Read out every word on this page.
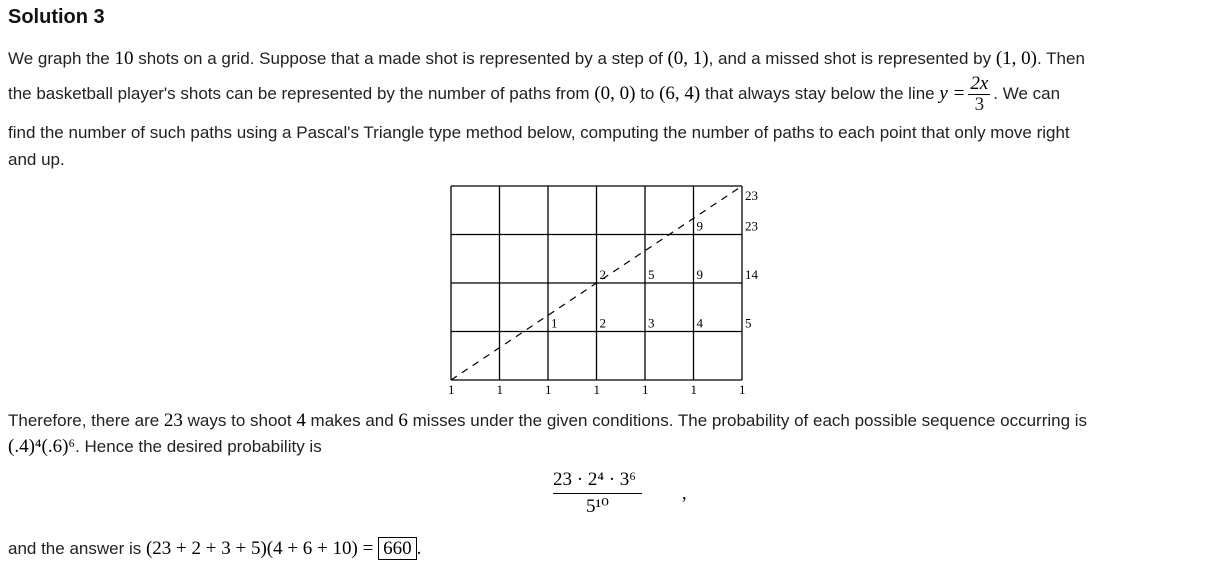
Solution 3
We graph the 10 shots on a grid. Suppose that a made shot is represented by a step of (0, 1), and a missed shot is represented by (1, 0). Then
the basketball player's shots can be represented by the number of paths from (0, 0) to (6, 4) that always stay below the line $y = \frac{2x}{3}$ . We can
find the number of such paths using a Pascal's Triangle type method below, computing the number of paths to each point that only move right
and up.
1	1	1	1	1	1	1
1	2	3	4	5
2	5	9	14
9	23
23
Therefore, there are 23 ways to shoot 4 makes and 6 misses under the given conditions. The probability of each possible sequence occurring is
(.4)⁴(.6)⁶. Hence the desired probability is
$\frac{\text{23 · 2⁴ · 3⁶}}{\text{5¹⁰}}$ ,
and the answer is (23 + 2 + 3 + 5)(4 + 6 + 10) = 660 .
